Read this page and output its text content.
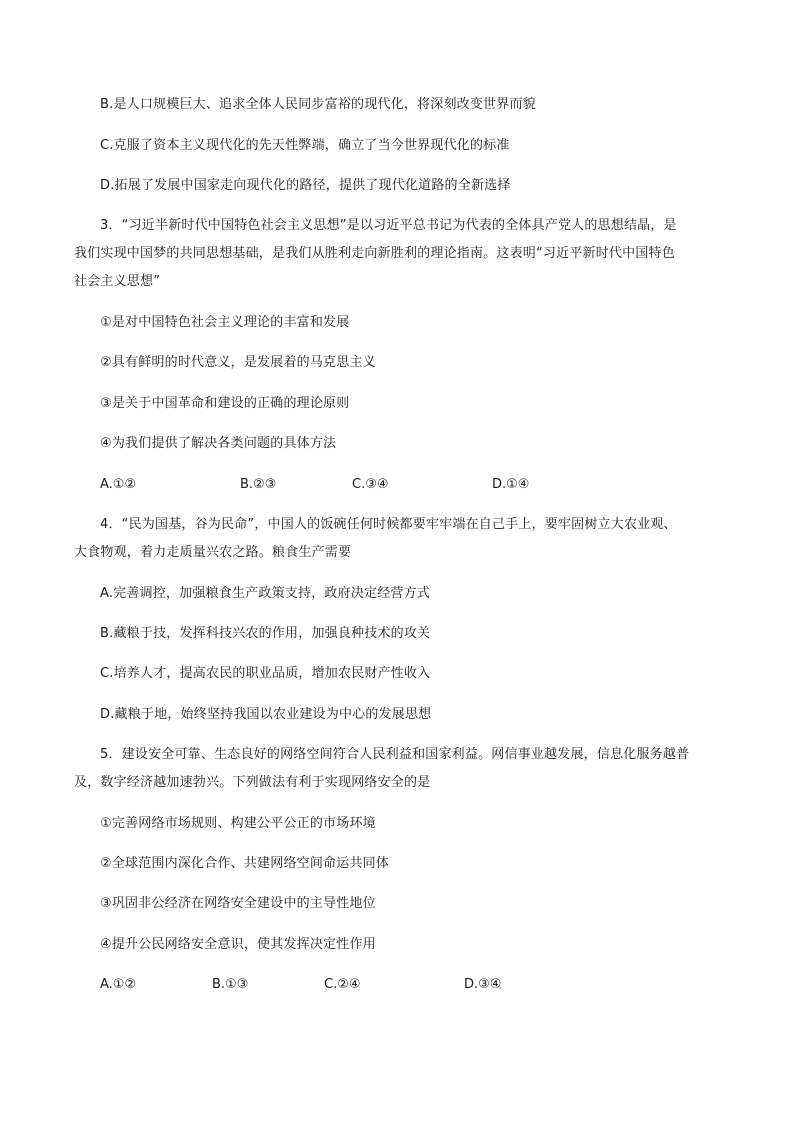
B.是人口规模巨大、追求全体人民同步富裕的现代化，将深刻改变世界而貌
C.克服了资本主义现代化的先天性弊端，确立了当今世界现代化的标准
D.拓展了发展中国家走向现代化的路径，提供了现代化道路的全新选择
3．“习近半新时代中国特色社会主义思想”是以习近平总书记为代表的全体具产党人的思想结晶，是
我们实现中国梦的共同思想基础，是我们从胜利走向新胜利的理论指南。这表明“习近平新时代中国特色
社会主义思想”
①是对中国特色社会主义理论的丰富和发展
②具有鲜明的时代意义，是发展着的马克思主义
③是关于中国革命和建设的正确的理论原则
④为我们提供了解决各类问题的具体方法
A.①②	B.②③	C.③④	D.①④
4．“民为国基，谷为民命”，中国人的饭碗任何时候都要牢牢端在自己手上，要牢固树立大农业观、
大食物观，着力走质量兴农之路。粮食生产需要
A.完善调控，加强粮食生产政策支持，政府决定经营方式
B.藏粮于技，发挥科技兴农的作用，加强良种技术的攻关
C.培养人才，提高农民的职业品质，增加农民财产性收入
D.藏粮于地，始终坚持我国以农业建设为中心的发展思想
5．建设安全可靠、生态良好的网络空间符合人民利益和国家利益。网信事业越发展，信息化服务越普
及，数字经济越加速勃兴。下列做法有利于实现网络安全的是
①完善网络市场规则、构建公平公正的市场环境
②全球范围内深化合作、共建网络空间命运共同体
③巩固非公经济在网络安全建设中的主导性地位
④提升公民网络安全意识，使其发挥决定性作用
A.①②	B.①③	C.②④	D.③④
